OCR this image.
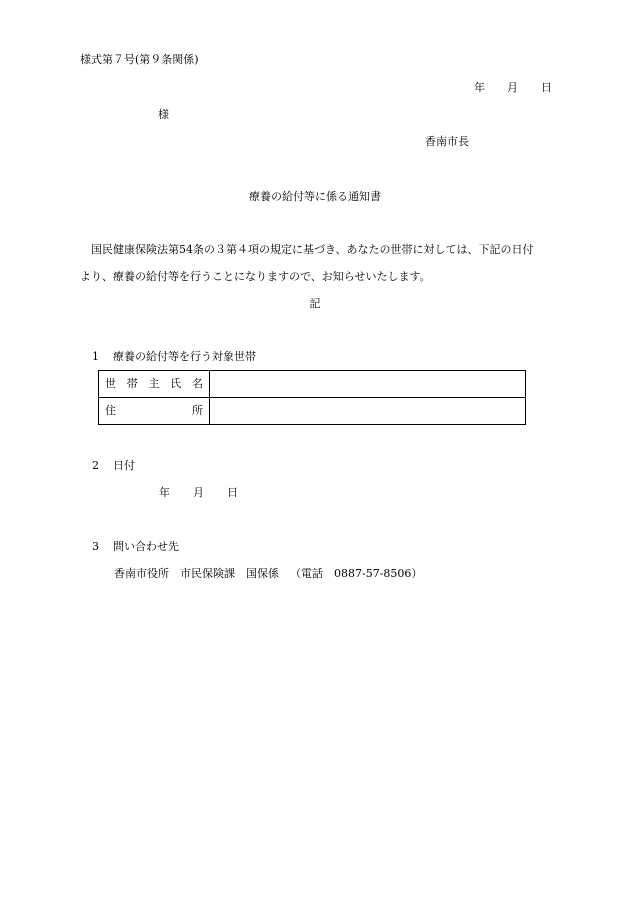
様式第７号(第９条関係)
年 月 日
様
香南市長
療養の給付等に係る通知書
国民健康保険法第54条の３第４項の規定に基づき、あなたの世帯に対しては、下記の日付
より、療養の給付等を行うことになりますので、お知らせいたします。
記
1 療養の給付等を行う対象世帯
世帯主氏名	
住所	
2 日付
年 月 日
3 問い合わせ先
香南市役所 市民保険課 国保係 （電話　0887-57-8506）
